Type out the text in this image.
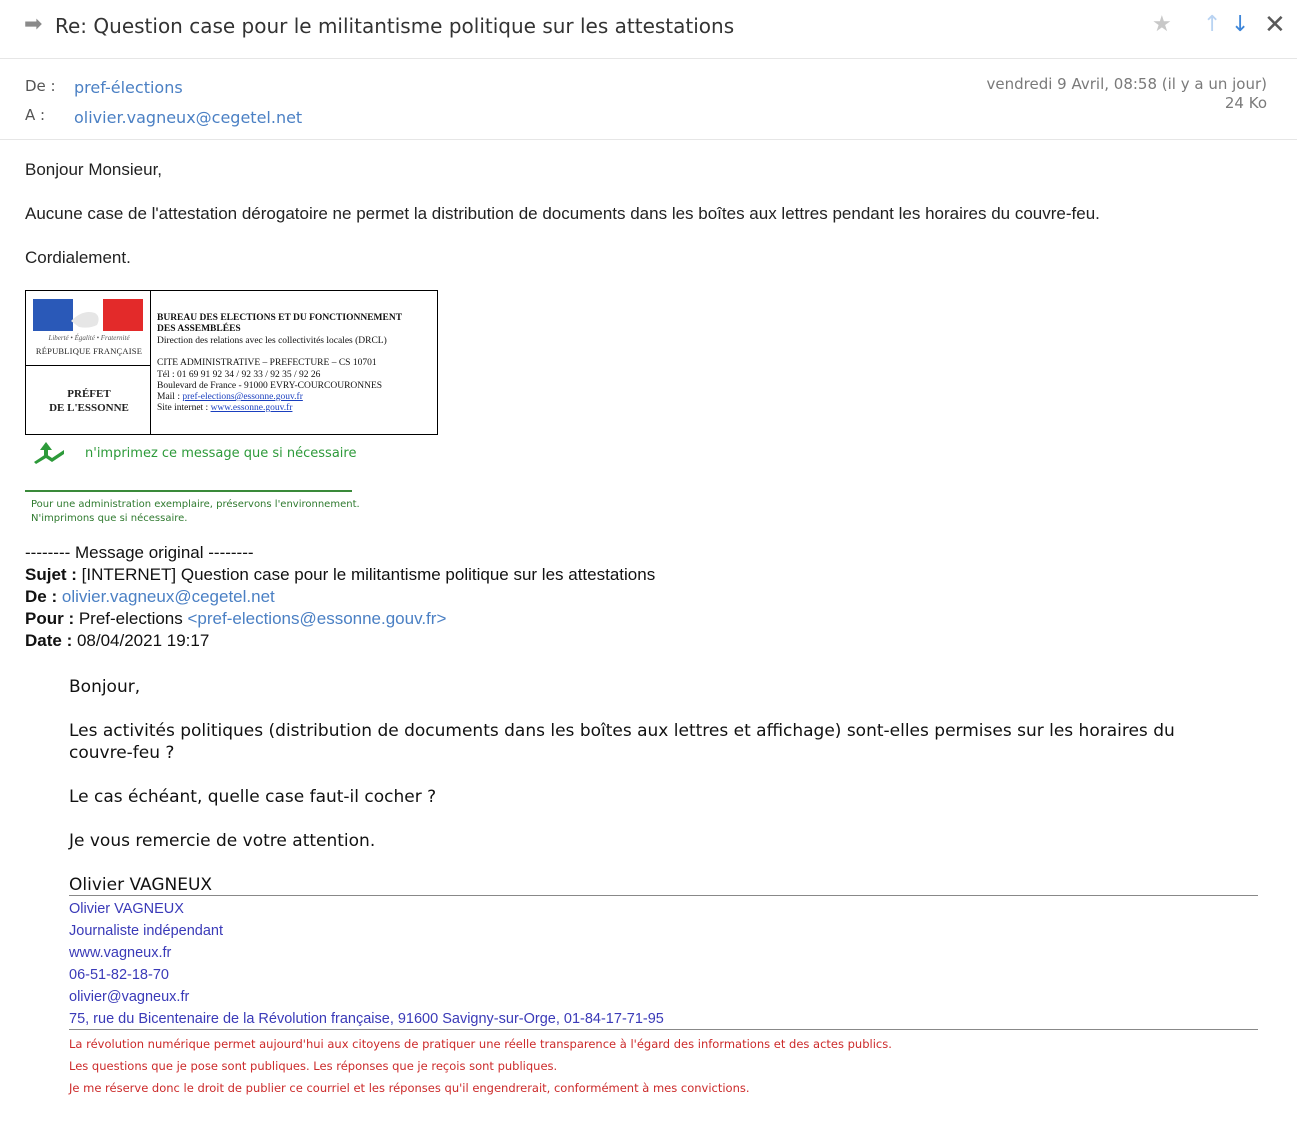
➡ Re: Question case pour le militantisme politique sur les attestations	★ ↑ ↓ ✕
De : pref-élections
A : olivier.vagneux@cegetel.net
vendredi 9 Avril, 08:58 (il y a un jour)
24 Ko
Bonjour Monsieur,
Aucune case de l'attestation dérogatoire ne permet la distribution de documents dans les boîtes aux lettres pendant les horaires du couvre-feu.
Cordialement.
Liberté • Égalité • Fraternité
RÉPUBLIQUE FRANÇAISE
PRÉFET
DE L'ESSONNE
BUREAU DES ELECTIONS ET DU FONCTIONNEMENT
DES ASSEMBLÉES
Direction des relations avec les collectivités locales (DRCL)
CITE ADMINISTRATIVE – PREFECTURE – CS 10701
Tél : 01 69 91 92 34 / 92 33 / 92 35 / 92 26
Boulevard de France - 91000 EVRY-COURCOURONNES
Mail : pref-elections@essonne.gouv.fr
Site internet : www.essonne.gouv.fr
n'imprimez ce message que si nécessaire
Pour une administration exemplaire, préservons l'environnement.
N'imprimons que si nécessaire.
-------- Message original --------
Sujet : [INTERNET] Question case pour le militantisme politique sur les attestations
De : olivier.vagneux@cegetel.net
Pour : Pref-elections <pref-elections@essonne.gouv.fr>
Date : 08/04/2021 19:17
Bonjour,
Les activités politiques (distribution de documents dans les boîtes aux lettres et affichage) sont-elles permises sur les horaires du
couvre-feu ?
Le cas échéant, quelle case faut-il cocher ?
Je vous remercie de votre attention.
Olivier VAGNEUX
Olivier VAGNEUX
Journaliste indépendant
www.vagneux.fr
06-51-82-18-70
olivier@vagneux.fr
75, rue du Bicentenaire de la Révolution française, 91600 Savigny-sur-Orge, 01-84-17-71-95
La révolution numérique permet aujourd'hui aux citoyens de pratiquer une réelle transparence à l'égard des informations et des actes publics.
Les questions que je pose sont publiques. Les réponses que je reçois sont publiques.
Je me réserve donc le droit de publier ce courriel et les réponses qu'il engendrerait, conformément à mes convictions.
